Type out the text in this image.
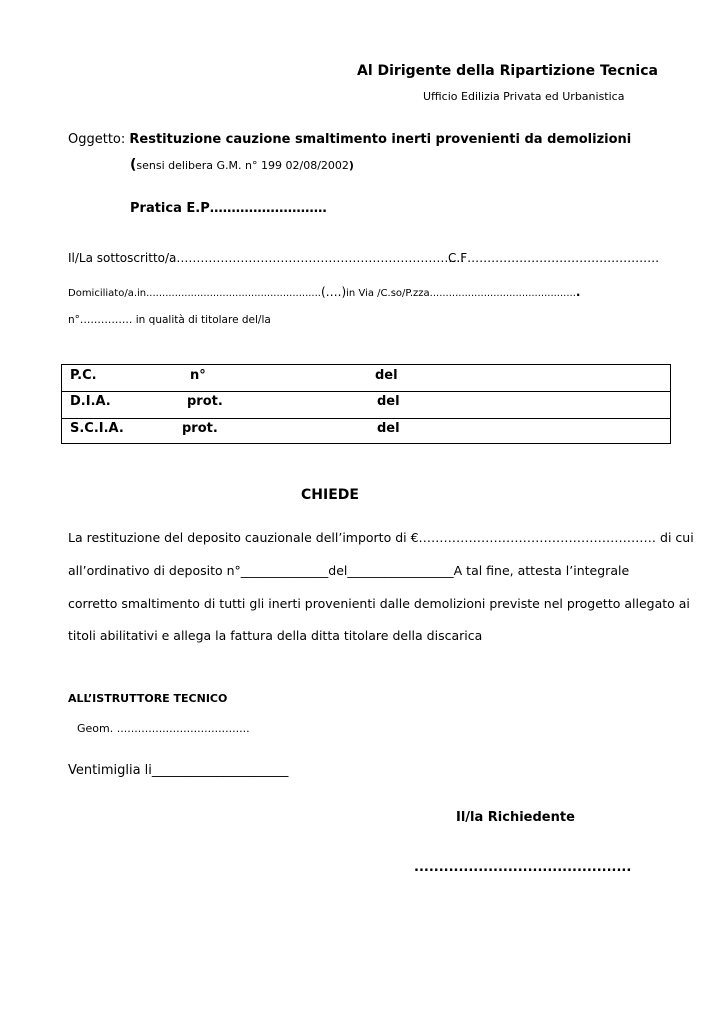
Al Dirigente della Ripartizione Tecnica
Ufficio Edilizia Privata ed Urbanistica
Oggetto: Restituzione cauzione smaltimento inerti provenienti da demolizioni
(sensi delibera G.M. n° 199 02/08/2002)
Pratica E.P………………………
Il/La sottoscritto/a………………………………………………………………
C.F…………………………………………
Domiciliato/a.in.......................................................(….)in Via /C.so/P.zza...............................................
n°…………… in qualità di titolare del/la
P.C.	n°	del
D.I.A.	prot.	del
S.C.I.A.	prot.	del
CHIEDE
La restituzione del deposito cauzionale dell’importo di €………………………………………………… di cui
all’ordinativo di deposito n°______________del_________________A tal fine, attesta l’integrale
corretto smaltimento di tutti gli inerti provenienti dalle demolizioni previste nel progetto allegato ai
titoli abilitativi e allega la fattura della ditta titolare della discarica
ALL’ISTRUTTORE TECNICO
Geom. ......................................
Ventimiglia li_____________________
Il/la Richiedente
............................................
